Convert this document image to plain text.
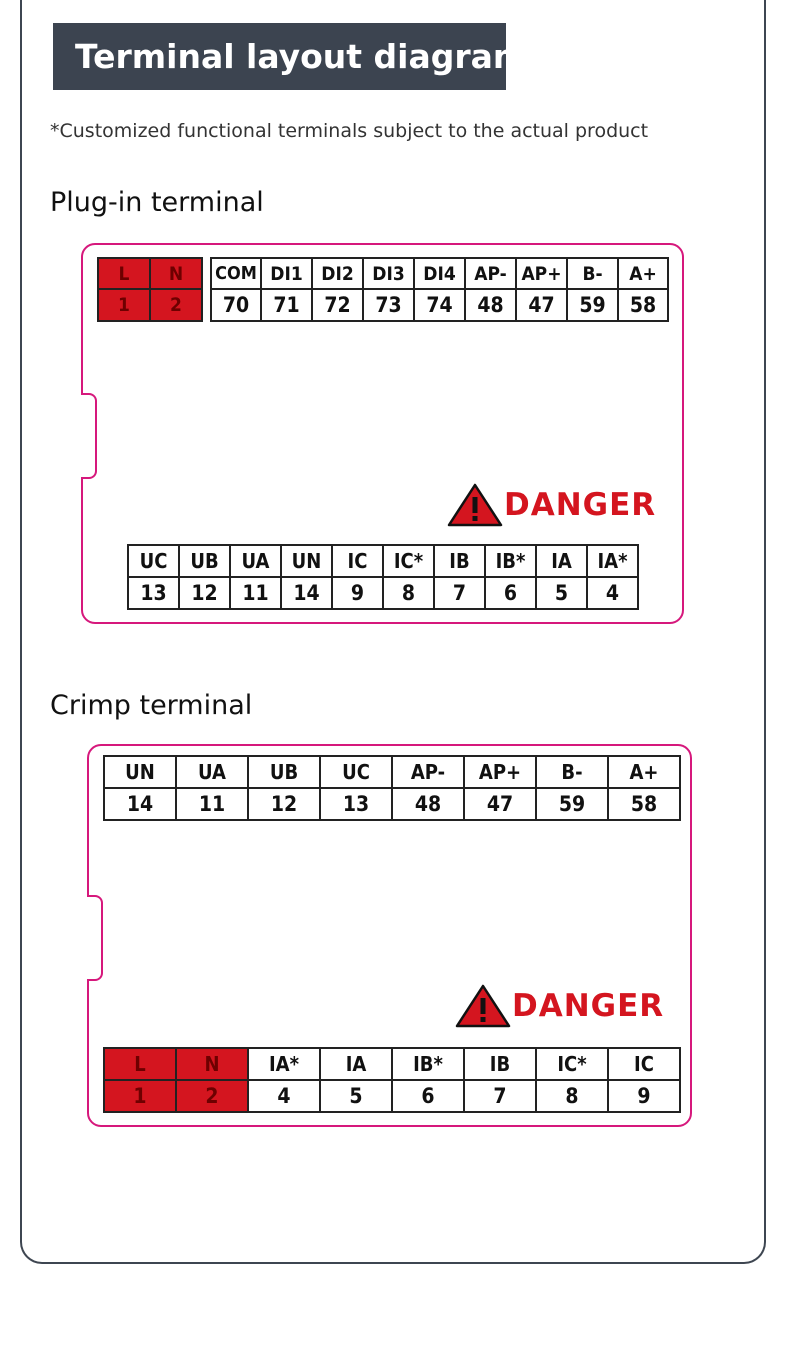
Terminal layout diagram
*Customized functional terminals subject to the actual product
Plug-in terminal
L	N
1	2
COM	DI1	DI2	DI3	DI4	AP-	AP+	B-	A+
70	71	72	73	74	48	47	59	58
DANGER
UC	UB	UA	UN	IC	IC*	IB	IB*	IA	IA*
13	12	11	14	9	8	7	6	5	4
Crimp terminal
UN	UA	UB	UC	AP-	AP+	B-	A+
14	11	12	13	48	47	59	58
DANGER
L	N	IA*	IA	IB*	IB	IC*	IC
1	2	4	5	6	7	8	9
